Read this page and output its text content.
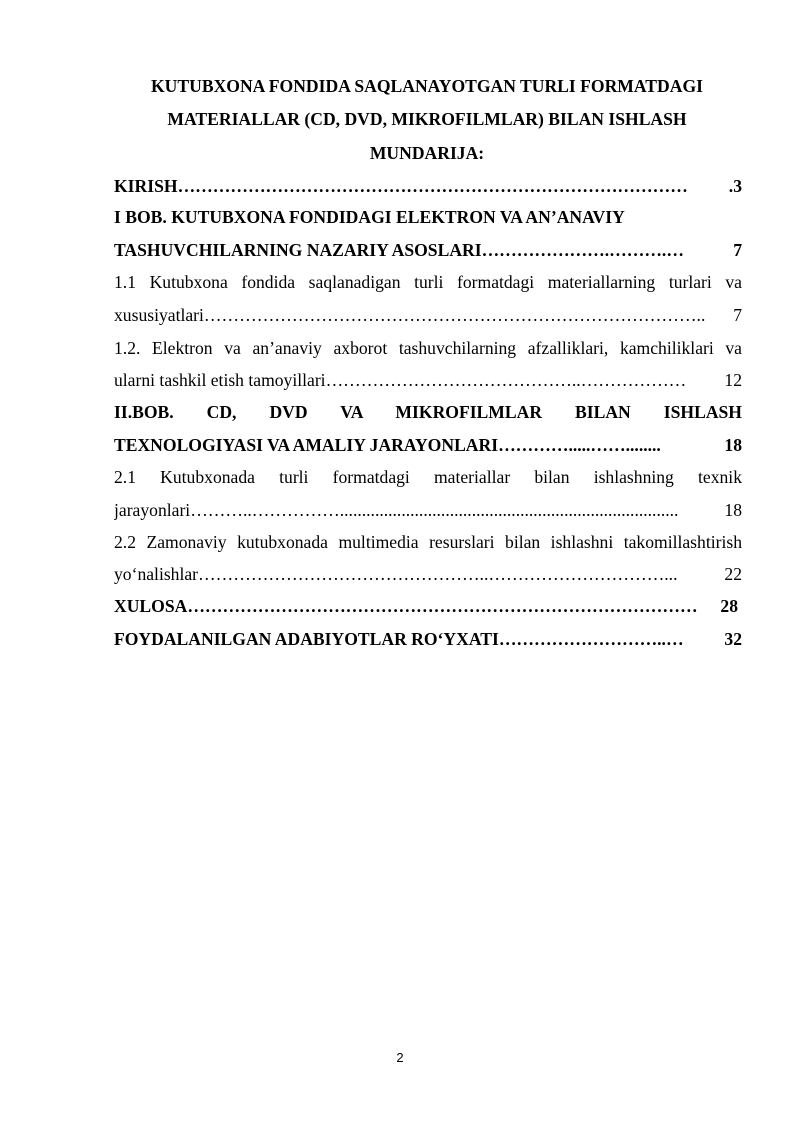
KUTUBXONA FONDIDA SAQLANAYOTGAN TURLI FORMATDAGI
MATERIALLAR (CD, DVD, MIKROFILMLAR) BILAN ISHLASH
MUNDARIJA:
KIRISH ……………………………………………………………………………	.3
I BOB. KUTUBXONA FONDIDAGI ELEKTRON VA AN’ANAVIY
TASHUVCHILARNING NAZARIY ASOSLARI ………………….……….…	7
1.1 Kutubxona fondida saqlanadigan turli formatdagi materiallarning turlari va
xususiyatlari …………………………………………………………………………..	7
1.2. Elektron va an’anaviy axborot tashuvchilarning afzalliklari, kamchiliklari va
ularni tashkil etish tamoyillari ……………………………………..………………	12
II.BOB. CD, DVD VA MIKROFILMLAR BILAN ISHLASH
TEXNOLOGIYASI VA AMALIY JARAYONLARI ………….....……........	18
2.1 Kutubxonada turli formatdagi materiallar bilan ishlashning texnik
jarayonlari ………..…………….............................................................................	18
2.2 Zamonaviy kutubxonada multimedia resurslari bilan ishlashni takomillashtirish
yo‘nalishlar …………………………………………..…………………………...	22
XULOSA ……………………………………………………………………………	28
FOYDALANILGAN ADABIYOTLAR RO‘YXATI ………………………..…	32
2
